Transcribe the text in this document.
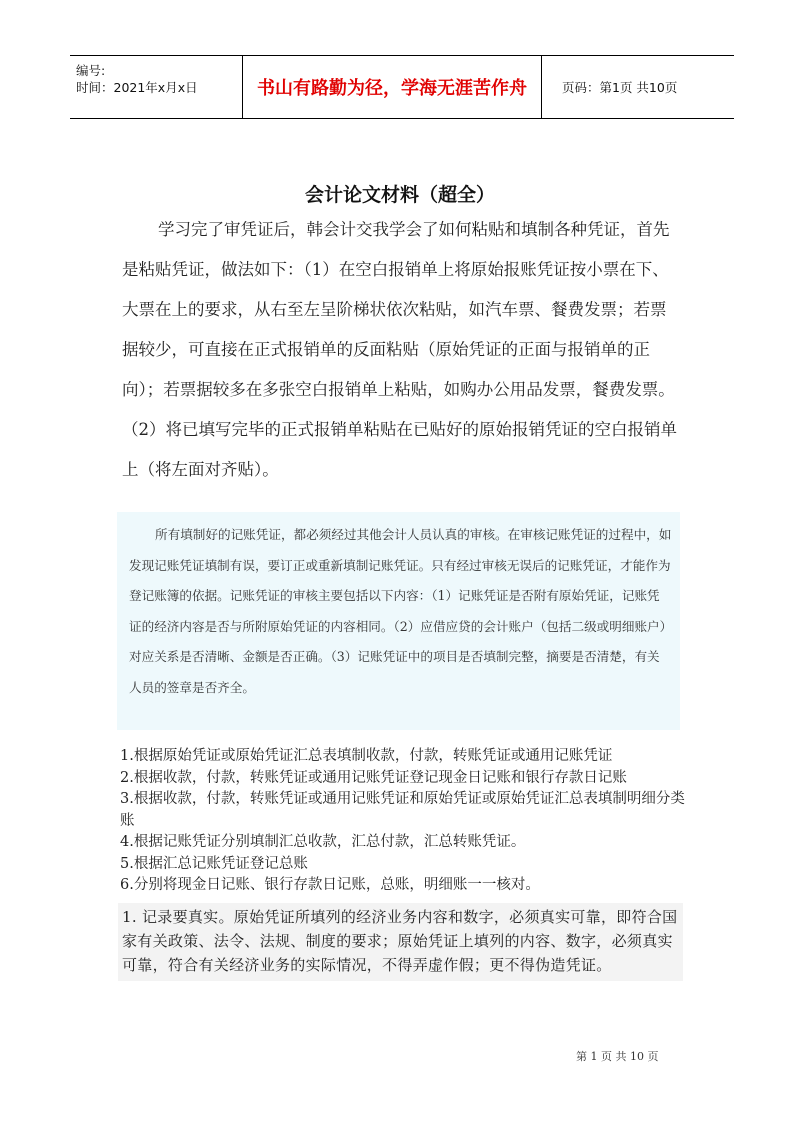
编号:
时间：2021年x月x日	书山有路勤为径，学海无涯苦作舟	页码：第1页 共10页
会计论文材料（超全）

学习完了审凭证后，韩会计交我学会了如何粘贴和填制各种凭证，首先是粘贴凭证，做法如下：（1）在空白报销单上将原始报账凭证按小票在下、大票在上的要求，从右至左呈阶梯状依次粘贴，如汽车票、餐费发票；若票据较少，可直接在正式报销单的反面粘贴（原始凭证的正面与报销单的正向）；若票据较多在多张空白报销单上粘贴，如购办公用品发票，餐费发票。（2）将已填写完毕的正式报销单粘贴在已贴好的原始报销凭证的空白报销单上（将左面对齐贴）。

所有填制好的记账凭证，都必须经过其他会计人员认真的审核。在审核记账凭证的过程中，如发现记账凭证填制有误，要订正或重新填制记账凭证。只有经过审核无误后的记账凭证，才能作为登记账簿的依据。记账凭证的审核主要包括以下内容：（1）记账凭证是否附有原始凭证，记账凭证的经济内容是否与所附原始凭证的内容相同。（2）应借应贷的会计账户（包括二级或明细账户）对应关系是否清晰、金额是否正确。（3）记账凭证中的项目是否填制完整，摘要是否清楚，有关人员的签章是否齐全。

1.根据原始凭证或原始凭证汇总表填制收款，付款，转账凭证或通用记账凭证
2.根据收款，付款，转账凭证或通用记账凭证登记现金日记账和银行存款日记账
3.根据收款，付款，转账凭证或通用记账凭证和原始凭证或原始凭证汇总表填制明细分类账
4.根据记账凭证分别填制汇总收款，汇总付款，汇总转账凭证。
5.根据汇总记账凭证登记总账
6.分别将现金日记账、银行存款日记账，总账，明细账一一核对。
1. 记录要真实。原始凭证所填列的经济业务内容和数字，必须真实可靠，即符合国家有关政策、法令、法规、制度的要求；原始凭证上填列的内容、数字，必须真实可靠，符合有关经济业务的实际情况，不得弄虚作假；更不得伪造凭证。
第 1 页 共 10 页
